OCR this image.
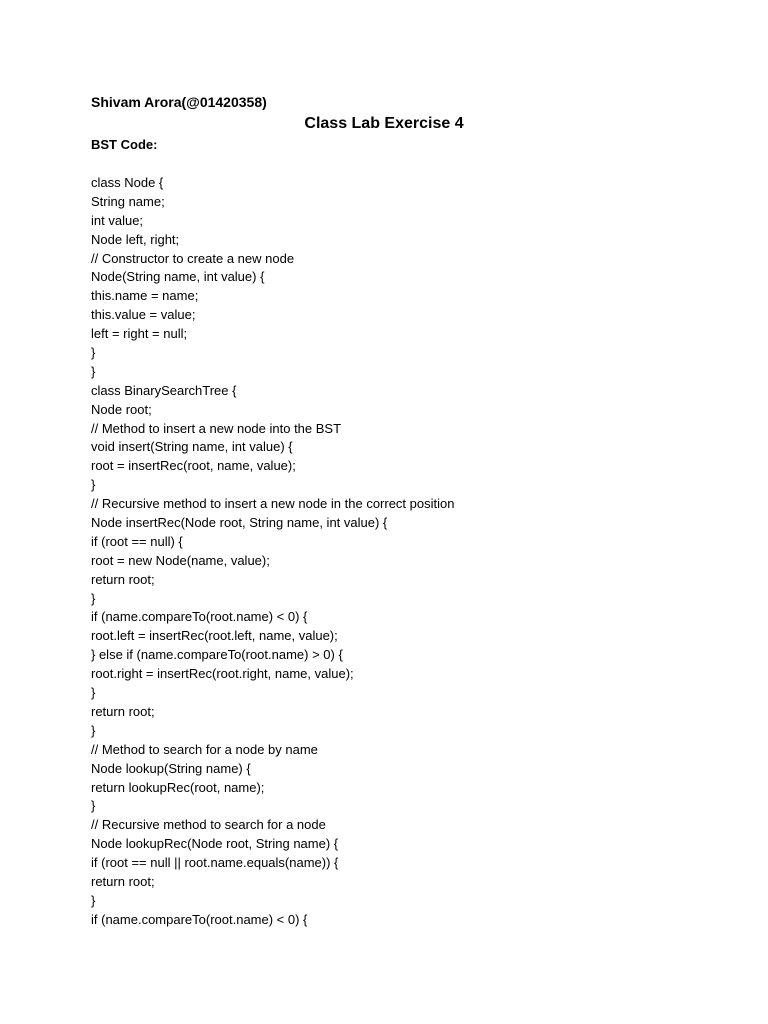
Shivam Arora(@01420358)

Class Lab Exercise 4

BST Code:

class Node {
String name;
int value;
Node left, right;
// Constructor to create a new node
Node(String name, int value) {
this.name = name;
this.value = value;
left = right = null;
}
}
class BinarySearchTree {
Node root;
// Method to insert a new node into the BST
void insert(String name, int value) {
root = insertRec(root, name, value);
}
// Recursive method to insert a new node in the correct position
Node insertRec(Node root, String name, int value) {
if (root == null) {
root = new Node(name, value);
return root;
}
if (name.compareTo(root.name) < 0) {
root.left = insertRec(root.left, name, value);
} else if (name.compareTo(root.name) > 0) {
root.right = insertRec(root.right, name, value);
}
return root;
}
// Method to search for a node by name
Node lookup(String name) {
return lookupRec(root, name);
}
// Recursive method to search for a node
Node lookupRec(Node root, String name) {
if (root == null || root.name.equals(name)) {
return root;
}
if (name.compareTo(root.name) < 0) {
